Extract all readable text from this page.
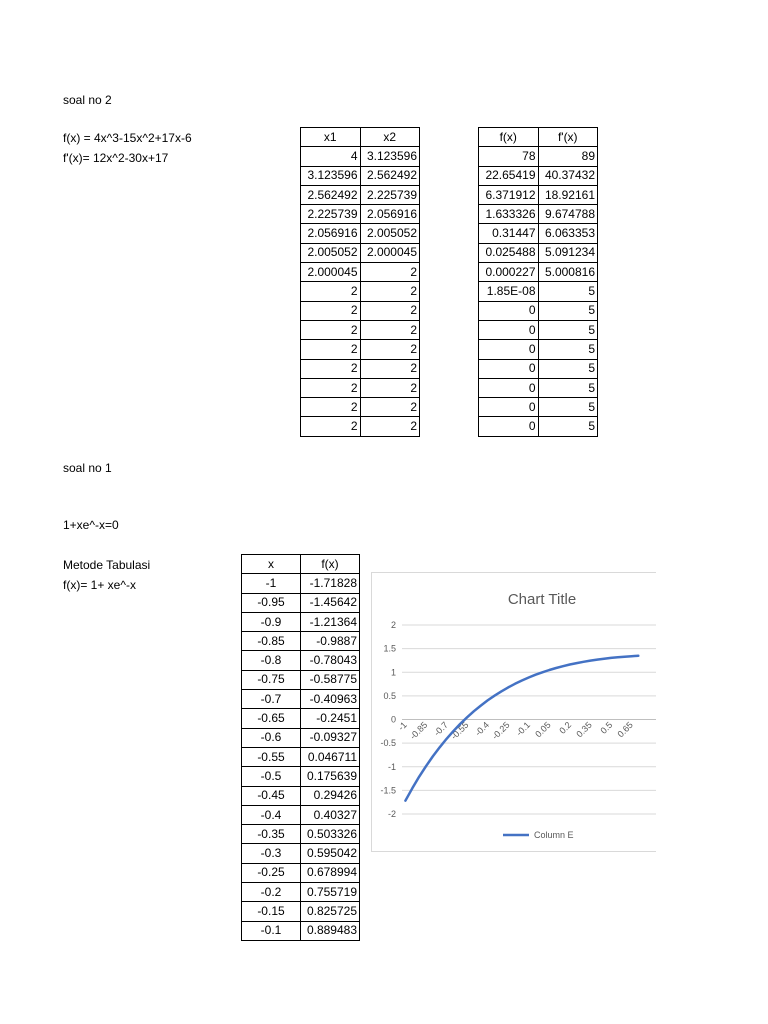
soal no 2
f(x) = 4x^3-15x^2+17x-6
f'(x)= 12x^2-30x+17
x1	x2
4	3.123596
3.123596	2.562492
2.562492	2.225739
2.225739	2.056916
2.056916	2.005052
2.005052	2.000045
2.000045	2
2	2
2	2
2	2
2	2
2	2
2	2
2	2
2	2
f(x)	f'(x)
78	89
22.65419	40.37432
6.371912	18.92161
1.633326	9.674788
0.31447	6.063353
0.025488	5.091234
0.000227	5.000816
1.85E-08	5
0	5
0	5
0	5
0	5
0	5
0	5
0	5
soal no 1
1+xe^-x=0
Metode Tabulasi
f(x)= 1+ xe^-x
x	f(x)
-1	-1.71828
-0.95	-1.45642
-0.9	-1.21364
-0.85	-0.9887
-0.8	-0.78043
-0.75	-0.58775
-0.7	-0.40963
-0.65	-0.2451
-0.6	-0.09327
-0.55	0.046711
-0.5	0.175639
-0.45	0.29426
-0.4	0.40327
-0.35	0.503326
-0.3	0.595042
-0.25	0.678994
-0.2	0.755719
-0.15	0.825725
-0.1	0.889483
Chart Title
2
1.5
1
0.5
0
-0.5
-1
-1.5
-2
-1
-0.85 -0.7
-0.55 -0.4
-0.25 -0.1 0.05 0.2 0.35 0.5 0.65
Column E
